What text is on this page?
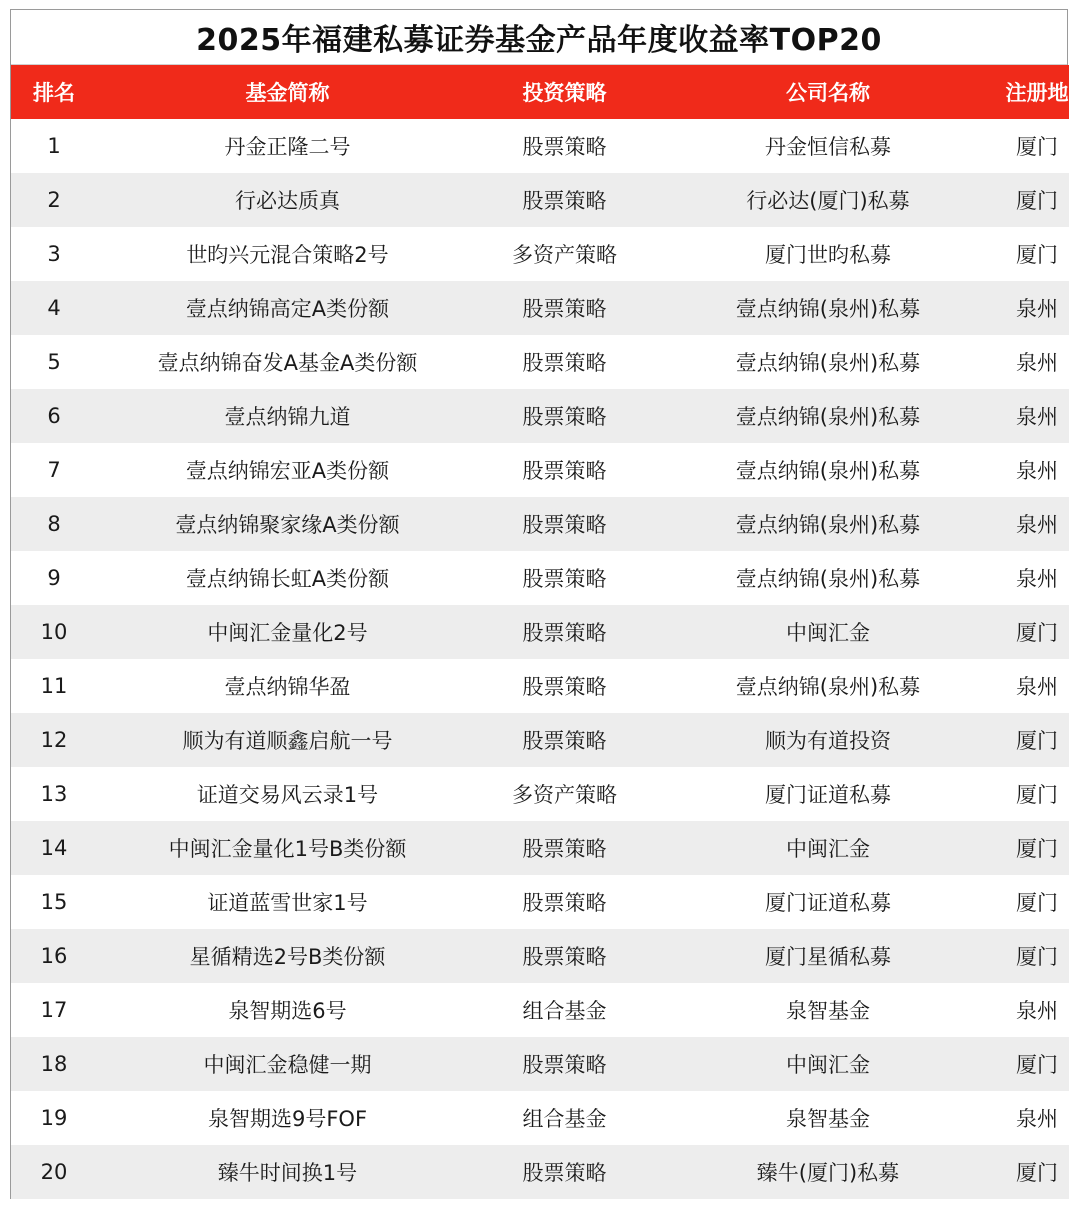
2025年福建私募证券基金产品年度收益率TOP20
排名	基金简称	投资策略	公司名称	注册地
1	丹金正隆二号	股票策略	丹金恒信私募	厦门
2	行必达质真	股票策略	行必达(厦门)私募	厦门
3	世昀兴元混合策略2号	多资产策略	厦门世昀私募	厦门
4	壹点纳锦高定A类份额	股票策略	壹点纳锦(泉州)私募	泉州
5	壹点纳锦奋发A基金A类份额	股票策略	壹点纳锦(泉州)私募	泉州
6	壹点纳锦九道	股票策略	壹点纳锦(泉州)私募	泉州
7	壹点纳锦宏亚A类份额	股票策略	壹点纳锦(泉州)私募	泉州
8	壹点纳锦聚家缘A类份额	股票策略	壹点纳锦(泉州)私募	泉州
9	壹点纳锦长虹A类份额	股票策略	壹点纳锦(泉州)私募	泉州
10	中闽汇金量化2号	股票策略	中闽汇金	厦门
11	壹点纳锦华盈	股票策略	壹点纳锦(泉州)私募	泉州
12	顺为有道顺鑫启航一号	股票策略	顺为有道投资	厦门
13	证道交易风云录1号	多资产策略	厦门证道私募	厦门
14	中闽汇金量化1号B类份额	股票策略	中闽汇金	厦门
15	证道蓝雪世家1号	股票策略	厦门证道私募	厦门
16	星循精选2号B类份额	股票策略	厦门星循私募	厦门
17	泉智期选6号	组合基金	泉智基金	泉州
18	中闽汇金稳健一期	股票策略	中闽汇金	厦门
19	泉智期选9号FOF	组合基金	泉智基金	泉州
20	臻牛时间换1号	股票策略	臻牛(厦门)私募	厦门
